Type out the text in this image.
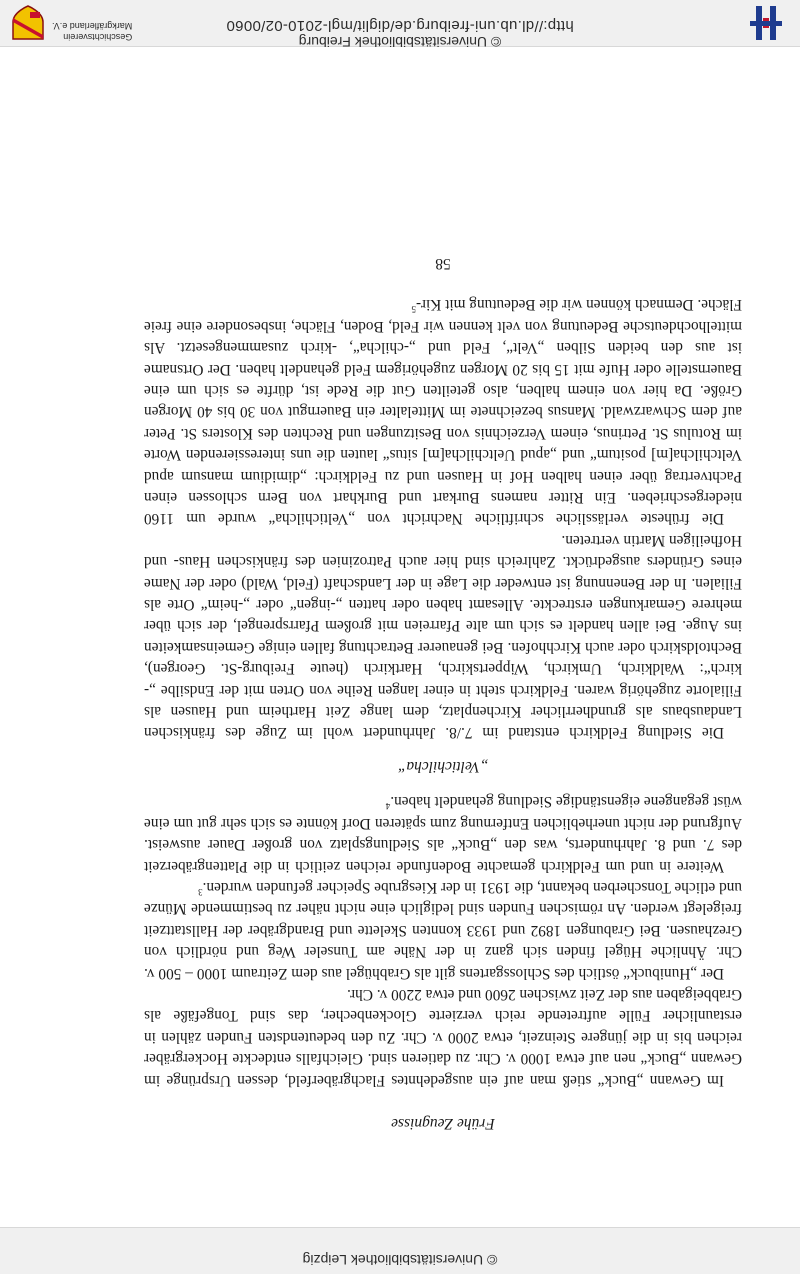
© Universitätsbibliothek Leipzig

Frühe Zeugnisse

Im Gewann „Buck“ stieß man auf ein ausgedehntes Flachgräberfeld, dessen Ursprünge im Gewann „Buck“ nen auf etwa 1000 v. Chr. zu datieren sind. Gleichfalls entdeckte Hockergräber reichen bis in die jüngere Steinzeit, etwa 2000 v. Chr. Zu den bedeutendsten Funden zählen in erstaunlicher Fülle auftretende reich verzierte Glockenbecher, das sind Tongefäße als Grabbeigaben aus der Zeit zwischen 2600 und etwa 2200 v. Chr.

Der „Hunibuck“ östlich des Schlossgartens gilt als Grabhügel aus dem Zeitraum 1000 – 500 v. Chr. Ähnliche Hügel finden sich ganz in der Nähe am Tunseler Weg und nördlich von Grezhausen. Bei Grabungen 1892 und 1933 konnten Skelette und Brandgräber der Hallstattzeit freigelegt werden. An römischen Funden sind lediglich eine nicht näher zu bestimmende Münze und etliche Tonscherben bekannt, die 1931 in der Kiesgrube Speicher gefunden wurden.$^3$

Weitere in und um Feldkirch gemachte Bodenfunde reichen zeitlich in die Plattengräberzeit des 7. und 8. Jahrhunderts, was den „Buck“ als Siedlungsplatz von großer Dauer ausweist. Aufgrund der nicht unerheblichen Entfernung zum späteren Dorf könnte es sich sehr gut um eine wüst gegangene eigenständige Siedlung gehandelt haben.$^4$

„Veltichilcha“

Die Siedlung Feldkirch entstand im 7./8. Jahrhundert wohl im Zuge des fränkischen Landausbaus als grundherrlicher Kirchenplatz, dem lange Zeit Hartheim und Hausen als Filialorte zugehörig waren. Feldkirch steht in einer langen Reihe von Orten mit der Endsilbe „-kirch“: Waldkirch, Umkirch, Wippertskirch, Hartkirch (heute Freiburg-St. Georgen), Bechtoldskirch oder auch Kirchhofen. Bei genauerer Betrachtung fallen einige Gemeinsamkeiten ins Auge. Bei allen handelt es sich um alte Pfarreien mit großem Pfarrsprengel, der sich über mehrere Gemarkungen erstreckte. Allesamt haben oder hatten „-ingen“ oder „-heim“ Orte als Filialen. In der Benennung ist entweder die Lage in der Landschaft (Feld, Wald) oder der Name eines Gründers ausgedrückt. Zahlreich sind hier auch Patrozinien des fränkischen Haus- und Hofheiligen Martin vertreten.

Die früheste verlässliche schriftliche Nachricht von „Veltichilcha“ wurde um 1160 niedergeschrieben. Ein Ritter namens Burkart und Burkhart von Bern schlossen einen Pachtvertrag über einen halben Hof in Hausen und zu Feldkirch: „dimidium mansum apud Veltchilcha[m] positum“ und „apud Ueltchilcha[m] situs“ lauten die uns interessierenden Worte im Rotulus St. Petrinus, einem Verzeichnis von Besitzungen und Rechten des Klosters St. Peter auf dem Schwarzwald. Mansus bezeichnete im Mittelalter ein Bauerngut von 30 bis 40 Morgen Größe. Da hier von einem halben, also geteilten Gut die Rede ist, dürfte es sich um eine Bauernstelle oder Hufe mit 15 bis 20 Morgen zugehörigem Feld gehandelt haben. Der Ortsname ist aus den beiden Silben „Velt“, Feld und „-chilcha“, -kirch zusammengesetzt. Als mittelhochdeutsche Bedeutung von velt kennen wir Feld, Boden, Fläche, insbesondere eine freie Fläche. Demnach können wir die Bedeutung mit Kir-$^5$

58
© Universitätsbibliothek Freiburg
http://dl.ub.uni-freiburg.de/diglit/mgl-2010-02/0060
Geschichtsverein
Markgräflerland e.V.
